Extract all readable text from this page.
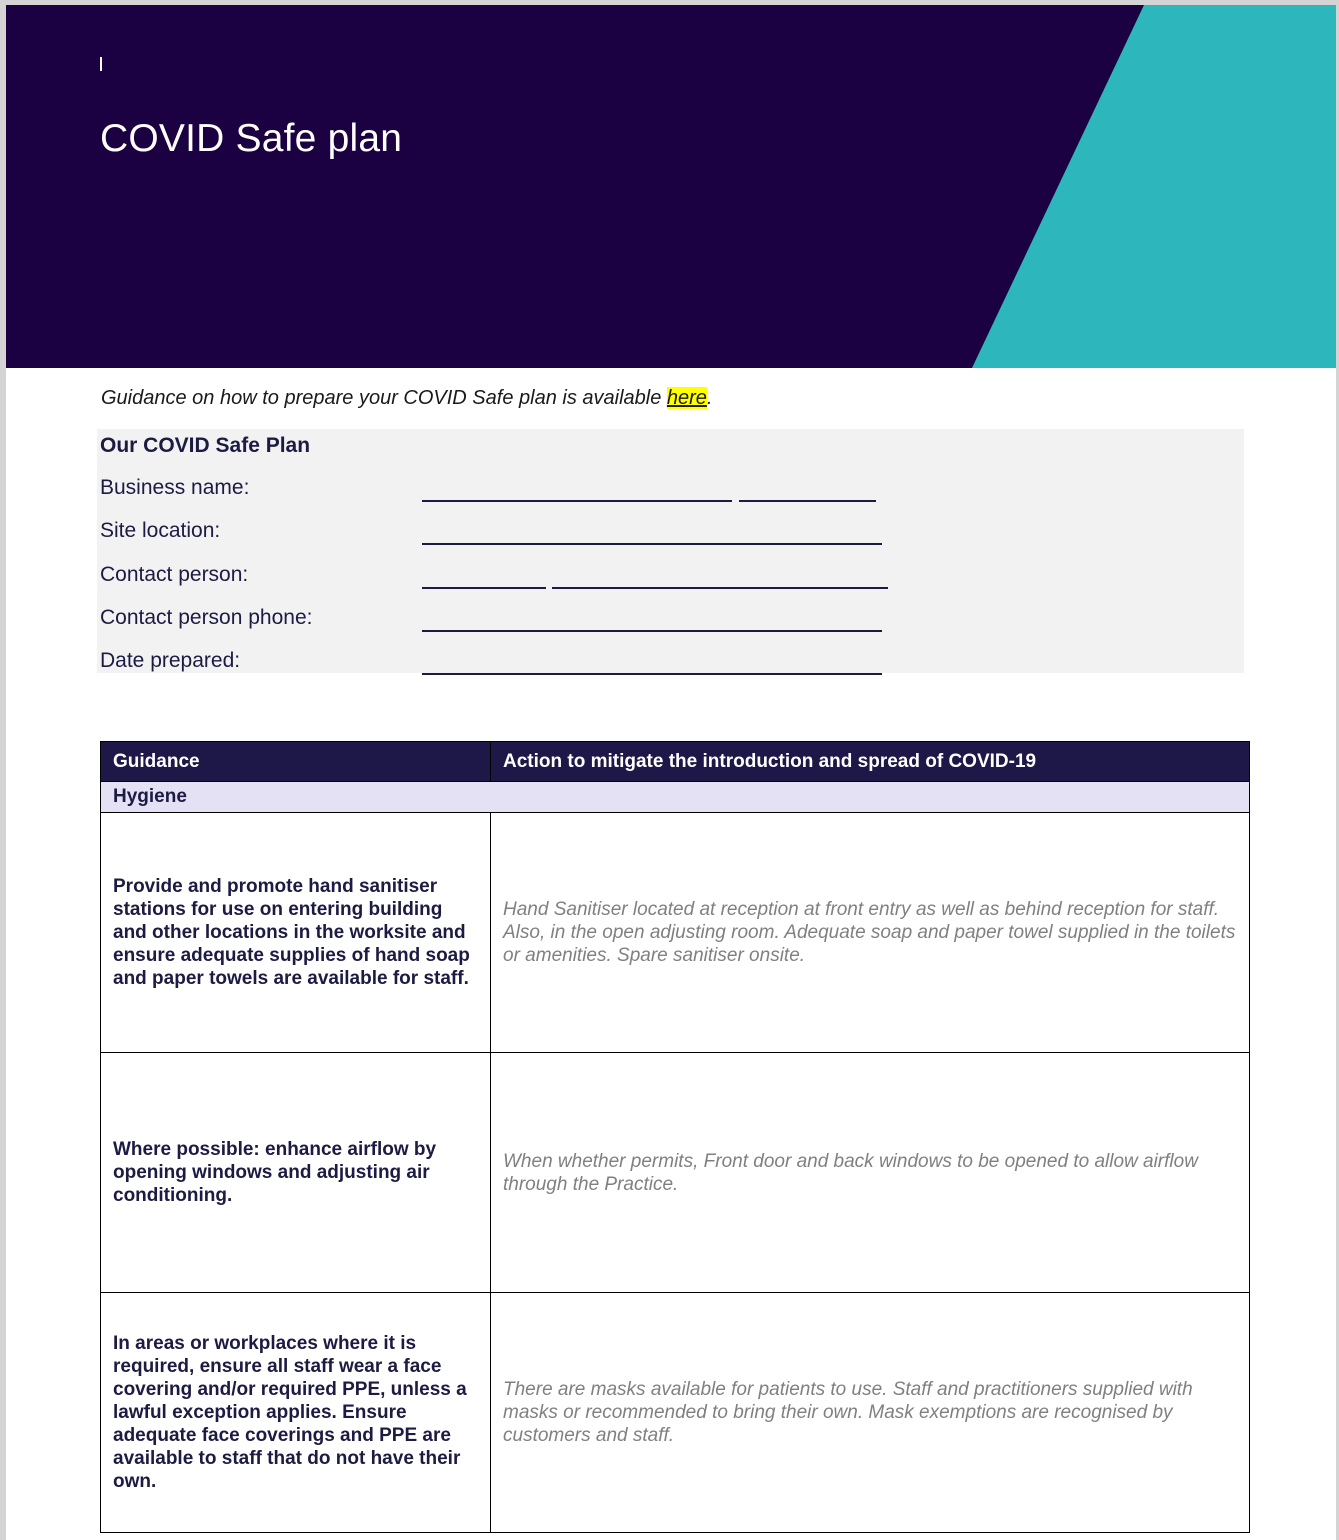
COVID Safe plan
Guidance on how to prepare your COVID Safe plan is available here.
Our COVID Safe Plan
Business name:
Site location:
Contact person:
Contact person phone:
Date prepared:
Guidance	Action to mitigate the introduction and spread of COVID-19
Hygiene	
Provide and promote hand sanitiser stations for use on entering building and other locations in the worksite and ensure adequate supplies of hand soap and paper towels are available for staff.	Hand Sanitiser located at reception at front entry as well as behind reception for staff. Also, in the open adjusting room. Adequate soap and paper towel supplied in the toilets or amenities. Spare sanitiser onsite.
Where possible: enhance airflow by opening windows and adjusting air conditioning.	When whether permits, Front door and back windows to be opened to allow airflow through the Practice.
In areas or workplaces where it is required, ensure all staff wear a face covering and/or required PPE, unless a lawful exception applies. Ensure adequate face coverings and PPE are available to staff that do not have their own.	There are masks available for patients to use. Staff and practitioners supplied with masks or recommended to bring their own. Mask exemptions are recognised by customers and staff.
